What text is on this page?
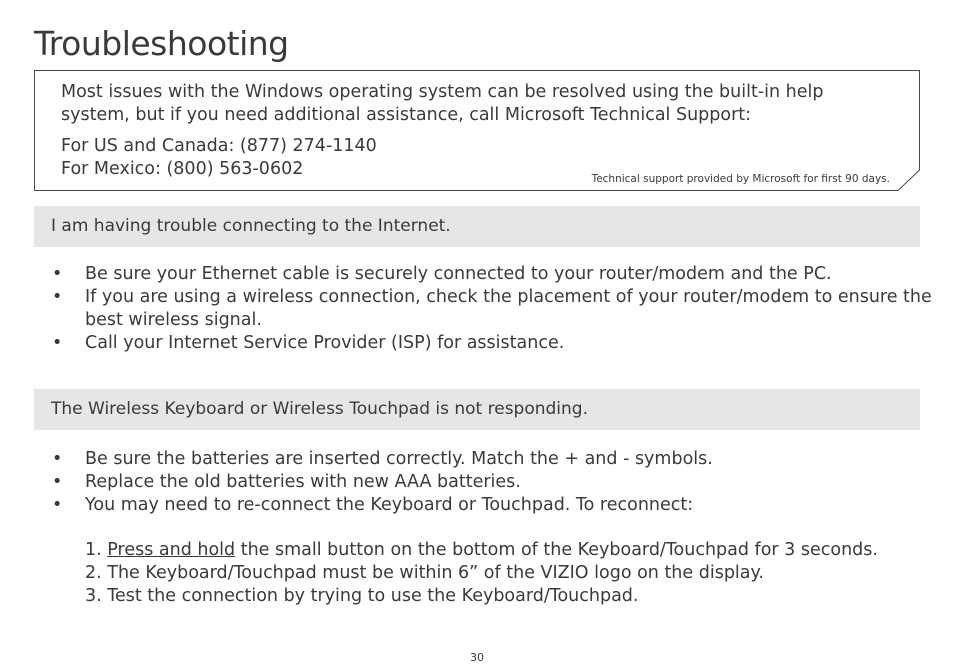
Troubleshooting

Most issues with the Windows operating system can be resolved using the built-in help system, but if you need additional assistance, call Microsoft Technical Support:

For US and Canada: (877) 274-1140

For Mexico: (800) 563-0602	Technical support provided by Microsoft for first 90 days.
I am having trouble connecting to the Internet.
• Be sure your Ethernet cable is securely connected to your router/modem and the PC.
• If you are using a wireless connection, check the placement of your router/modem to ensure the best wireless signal.
• Call your Internet Service Provider (ISP) for assistance.
The Wireless Keyboard or Wireless Touchpad is not responding.
• Be sure the batteries are inserted correctly. Match the + and - symbols.
• Replace the old batteries with new AAA batteries.
• You may need to re-connect the Keyboard or Touchpad. To reconnect:
1. Press and hold the small button on the bottom of the Keyboard/Touchpad for 3 seconds.
2. The Keyboard/Touchpad must be within 6” of the VIZIO logo on the display.
3. Test the connection by trying to use the Keyboard/Touchpad.
30
